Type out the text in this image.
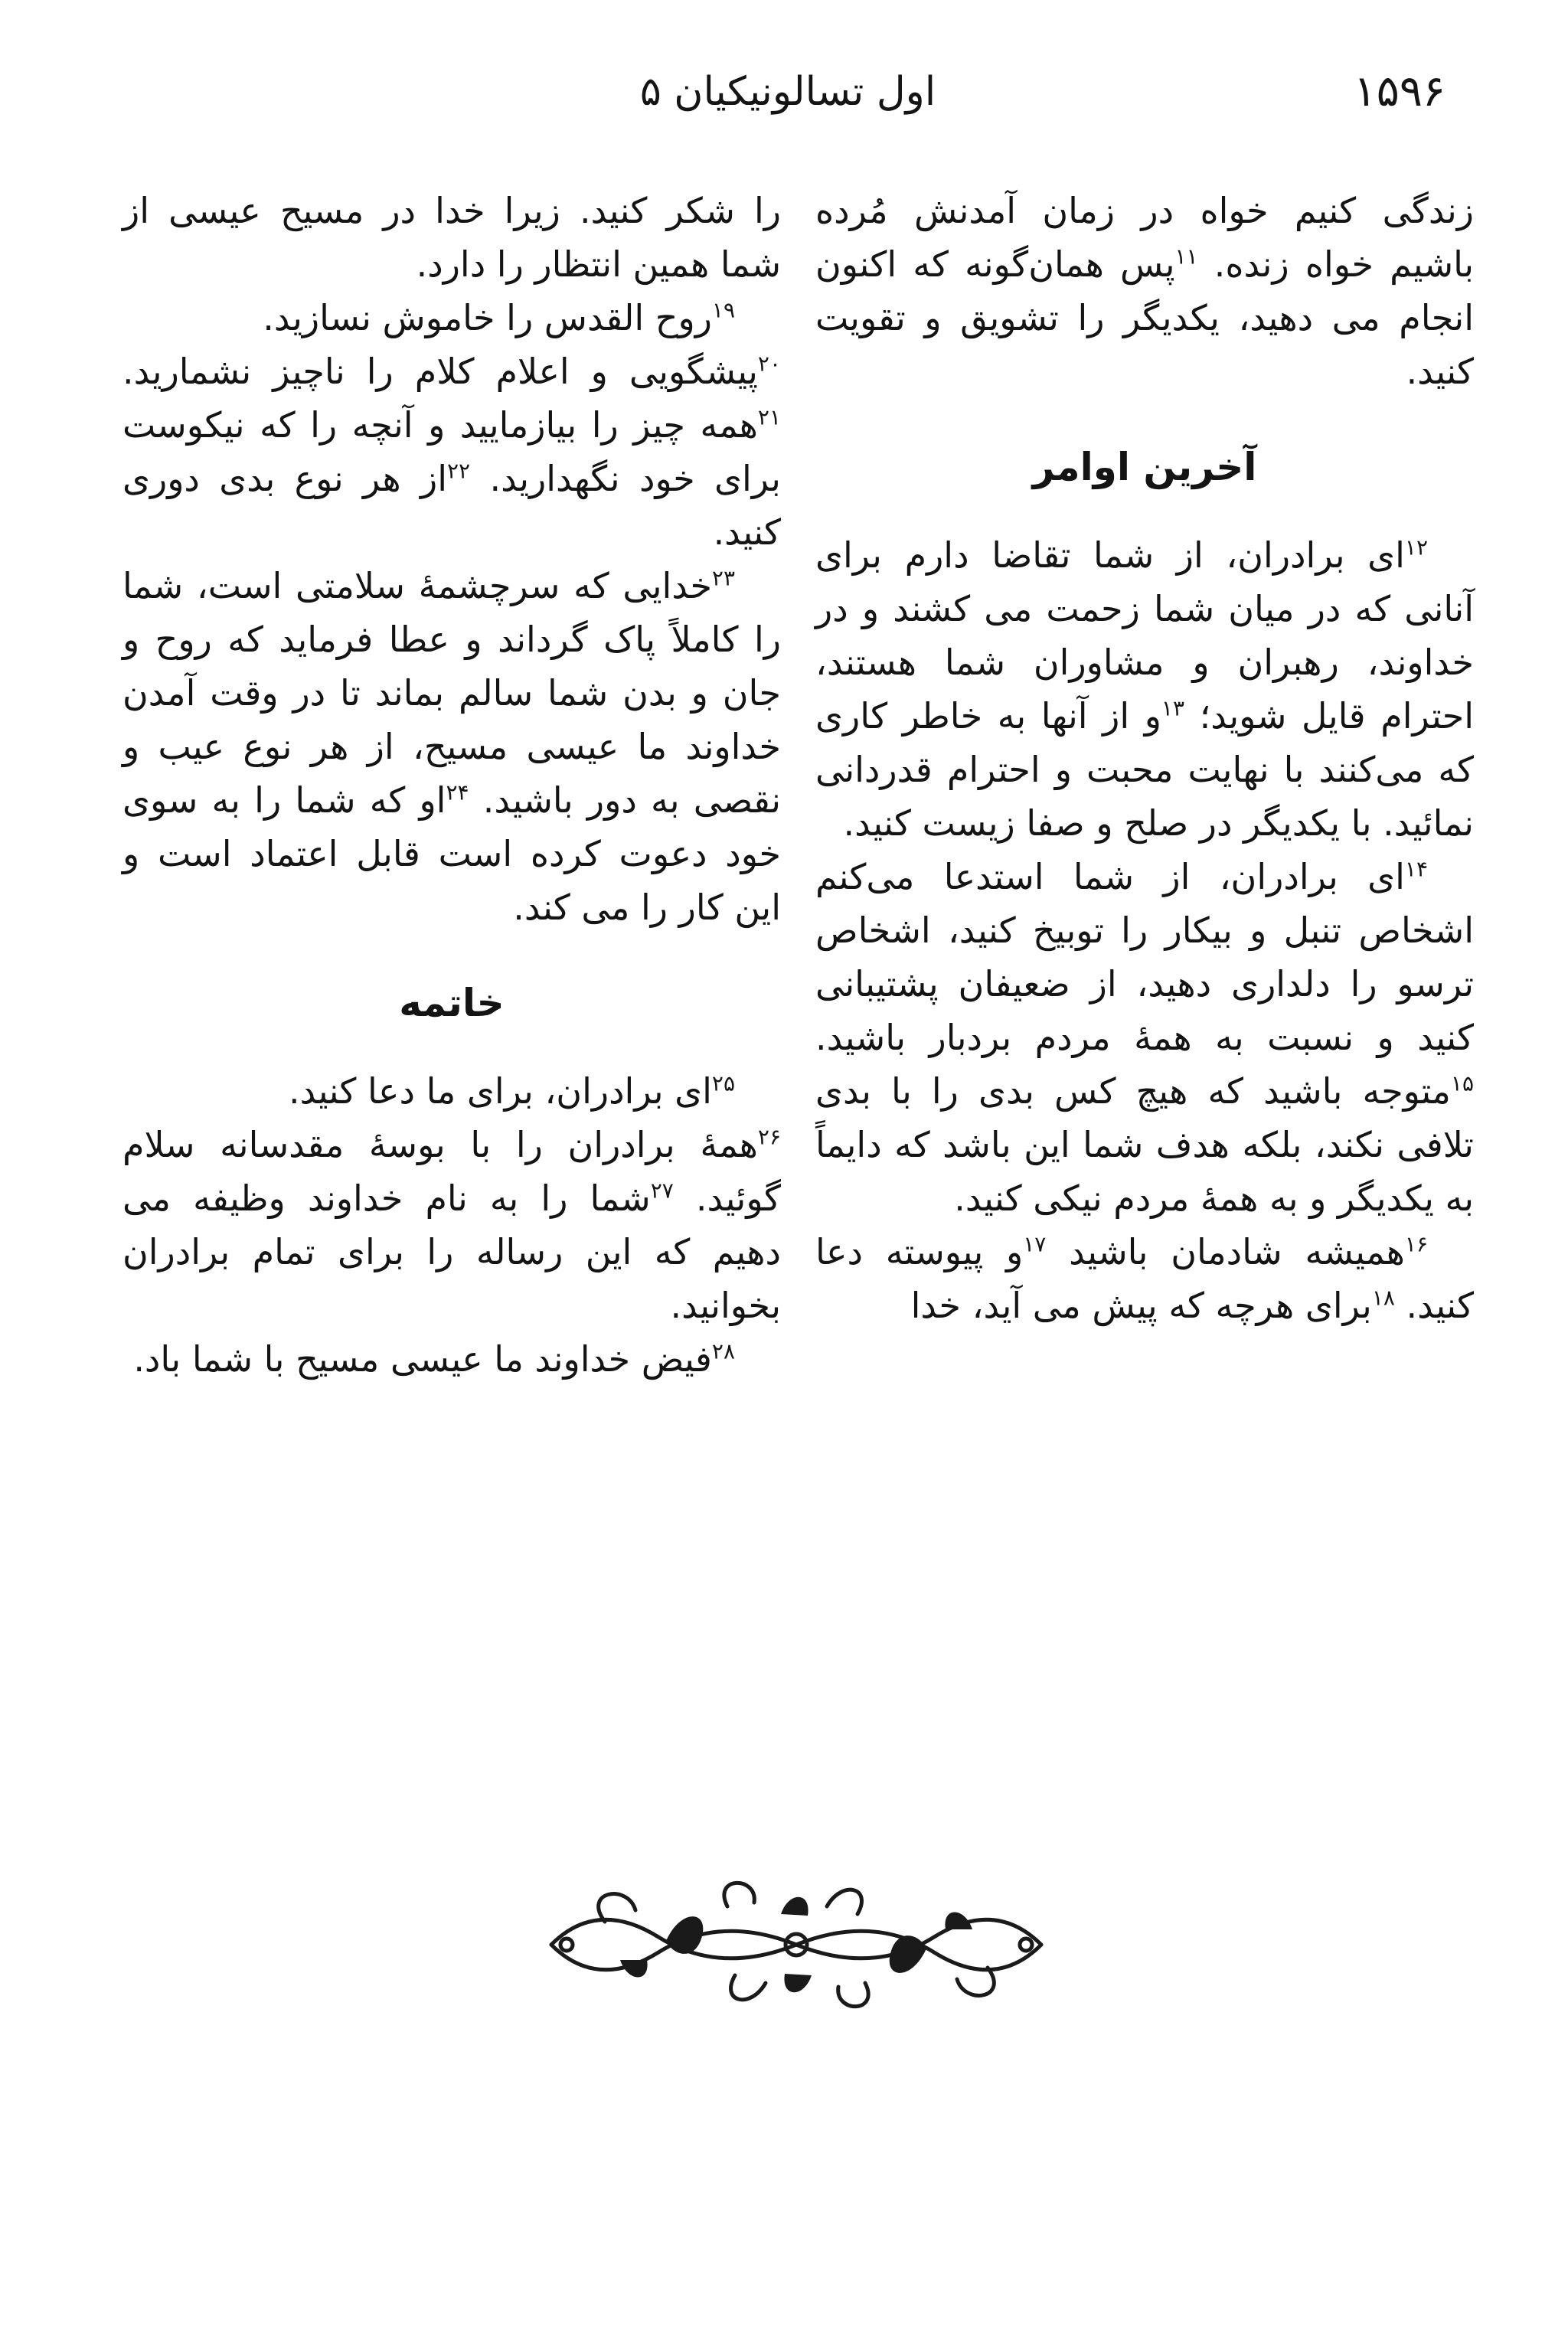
اول تسالونیکیان ۵	۱۵۹۶

زندگی کنیم خواه در زمان آمدنش مُرده باشیم خواه زنده. $^{۱۱}$پس همان‌گونه که اکنون انجام می دهید، یکدیگر را تشویق و تقویت کنید.

آخرین اوامر

$^{۱۲}$ای برادران، از شما تقاضا دارم برای آنانی که در میان شما زحمت می کشند و در خداوند، رهبران و مشاوران شما هستند، احترام قایل شوید؛ $^{۱۳}$و از آنها به خاطر کاری که می‌کنند با نهایت محبت و احترام قدردانی نمائید. با یکدیگر در صلح و صفا زیست کنید.

$^{۱۴}$ای برادران، از شما استدعا می‌کنم اشخاص تنبل و بیکار را توبیخ کنید، اشخاص ترسو را دلداری دهید، از ضعیفان پشتیبانی کنید و نسبت به همهٔ مردم بردبار باشید. $^{۱۵}$متوجه باشید که هیچ کس بدی را با بدی تلافی نکند، بلکه هدف شما این باشد که دایماً به یکدیگر و به همهٔ مردم نیکی کنید.

$^{۱۶}$همیشه شادمان باشید $^{۱۷}$و پیوسته دعا کنید. $^{۱۸}$برای هرچه که پیش می آید، خدا

را شکر کنید. زیرا خدا در مسیح عیسی از شما همین انتظار را دارد.

$^{۱۹}$روح القدس را خاموش نسازید.

$^{۲۰}$پیشگویی و اعلام کلام را ناچیز نشمارید. $^{۲۱}$همه چیز را بیازمایید و آنچه را که نیکوست برای خود نگهدارید. $^{۲۲}$از هر نوع بدی دوری کنید.

$^{۲۳}$خدایی که سرچشمهٔ سلامتی است، شما را کاملاً پاک گرداند و عطا فرماید که روح و جان و بدن شما سالم بماند تا در وقت آمدن خداوند ما عیسی مسیح، از هر نوع عیب و نقصی به دور باشید. $^{۲۴}$او که شما را به سوی خود دعوت کرده است قابل اعتماد است و این کار را می کند.

خاتمه

$^{۲۵}$ای برادران، برای ما دعا کنید.

$^{۲۶}$همهٔ برادران را با بوسهٔ مقدسانه سلام گوئید. $^{۲۷}$شما را به نام خداوند وظیفه می دهیم که این رساله را برای تمام برادران بخوانید.

$^{۲۸}$فیض خداوند ما عیسی مسیح با شما باد.
